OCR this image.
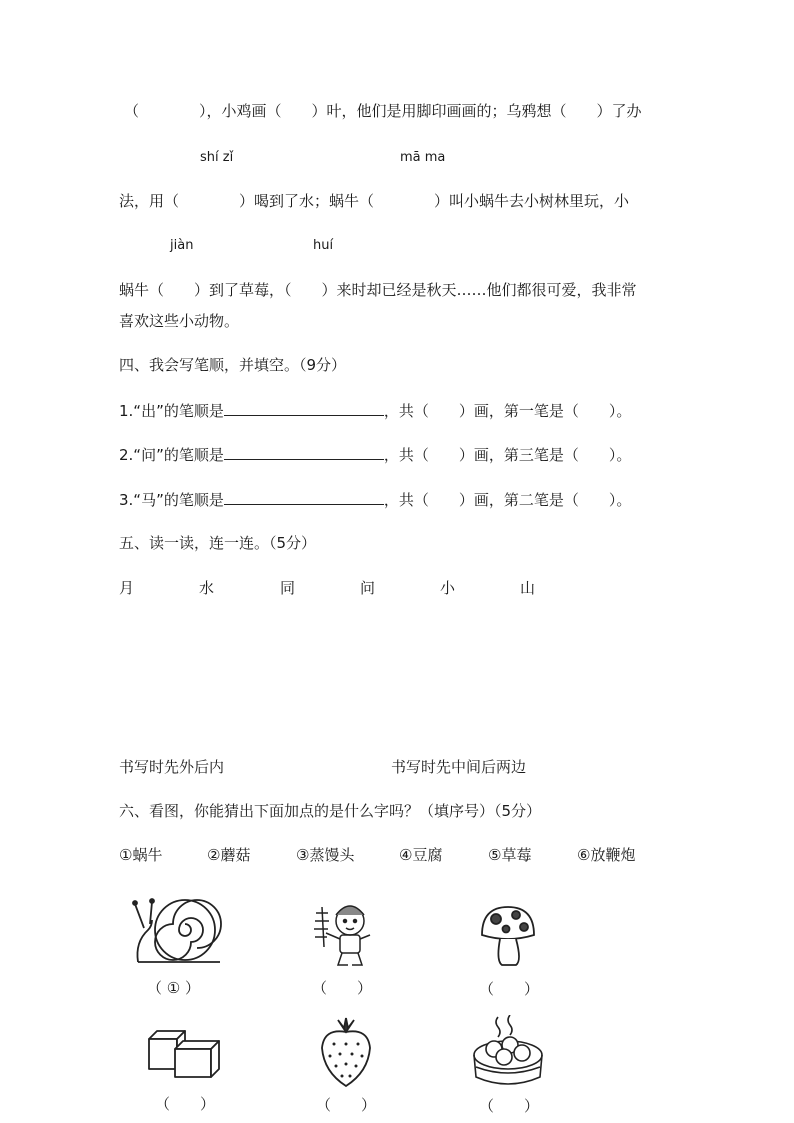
（　　　　），小鸡画（　　）叶，他们是用脚印画画的；乌鸦想（　　）了办
shí zǐ	mā ma
法，用（　　　　）喝到了水；蜗牛（　　　　）叫小蜗牛去小树林里玩，小
jiàn	huí
蜗牛（　　）到了草莓，（　　）来时却已经是秋天……他们都很可爱，我非常
喜欢这些小动物。
四、我会写笔顺，并填空。（9分）
1.“出”的笔顺是	，共（　　）画，第一笔是（　　）。
2.“问”的笔顺是	，共（　　）画，第三笔是（　　）。
3.“马”的笔顺是	，共（　　）画，第二笔是（　　）。
五、读一读，连一连。（5分）
月	水	同	问	小	山
书写时先外后内	书写时先中间后两边
六、看图，你能猜出下面加点的是什么字吗？（填序号）（5分）
①蜗牛	②蘑菇	③蒸馒头	④豆腐	⑤草莓	⑥放鞭炮
（ ① ）	（　　）	（　　）
（　　）	（　　）	（　　）
